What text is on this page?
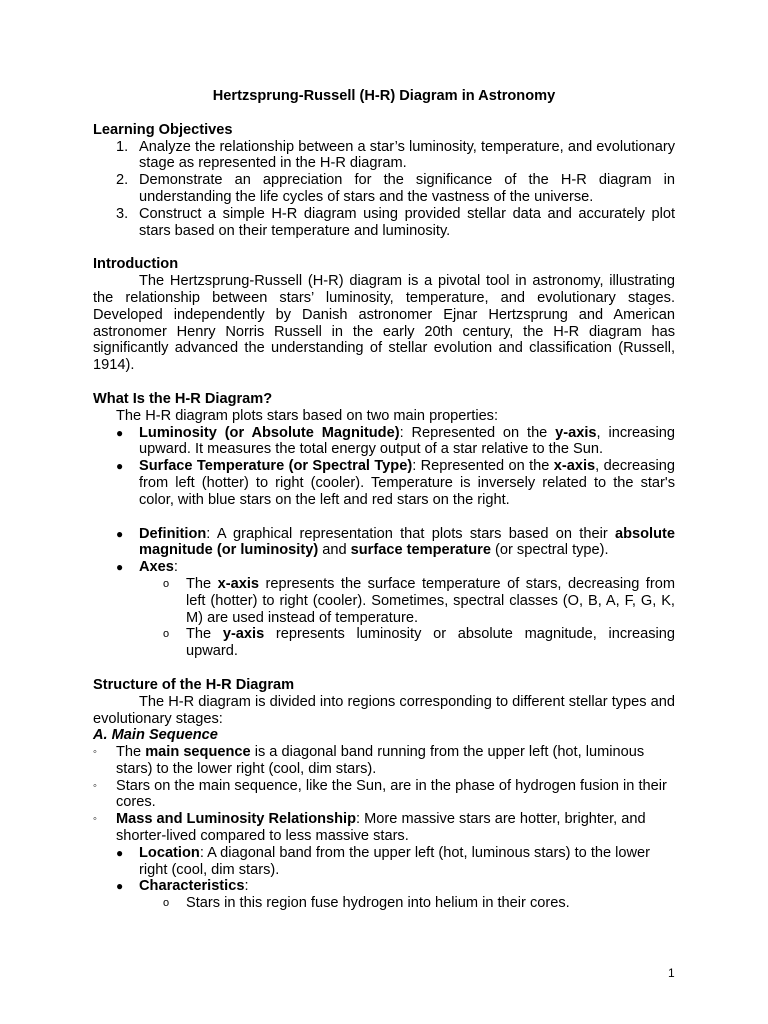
Hertzsprung-Russell (H-R) Diagram in Astronomy

Learning Objectives

1. Analyze the relationship between a star’s luminosity, temperature, and evolutionary stage as represented in the H-R diagram.
2. Demonstrate an appreciation for the significance of the H-R diagram in understanding the life cycles of stars and the vastness of the universe.
3. Construct a simple H-R diagram using provided stellar data and accurately plot stars based on their temperature and luminosity.

Introduction

The Hertzsprung-Russell (H-R) diagram is a pivotal tool in astronomy, illustrating the relationship between stars’ luminosity, temperature, and evolutionary stages. Developed independently by Danish astronomer Ejnar Hertzsprung and American astronomer Henry Norris Russell in the early 20th century, the H-R diagram has significantly advanced the understanding of stellar evolution and classification (Russell, 1914).

What Is the H-R Diagram?

The H-R diagram plots stars based on two main properties:

● Luminosity (or Absolute Magnitude): Represented on the y-axis, increasing upward. It measures the total energy output of a star relative to the Sun.

● Surface Temperature (or Spectral Type): Represented on the x-axis, decreasing from left (hotter) to right (cooler). Temperature is inversely related to the star's color, with blue stars on the left and red stars on the right.

● Definition: A graphical representation that plots stars based on their absolute magnitude (or luminosity) and surface temperature (or spectral type).

● Axes:

o The x-axis represents the surface temperature of stars, decreasing from left (hotter) to right (cooler). Sometimes, spectral classes (O, B, A, F, G, K, M) are used instead of temperature.

o The y-axis represents luminosity or absolute magnitude, increasing upward.

Structure of the H-R Diagram

The H-R diagram is divided into regions corresponding to different stellar types and evolutionary stages:

A. Main Sequence

◦ The main sequence is a diagonal band running from the upper left (hot, luminous stars) to the lower right (cool, dim stars).

◦ Stars on the main sequence, like the Sun, are in the phase of hydrogen fusion in their cores.

◦ Mass and Luminosity Relationship: More massive stars are hotter, brighter, and shorter-lived compared to less massive stars.

● Location: A diagonal band from the upper left (hot, luminous stars) to the lower right (cool, dim stars).

● Characteristics:

o Stars in this region fuse hydrogen into helium in their cores.

1
